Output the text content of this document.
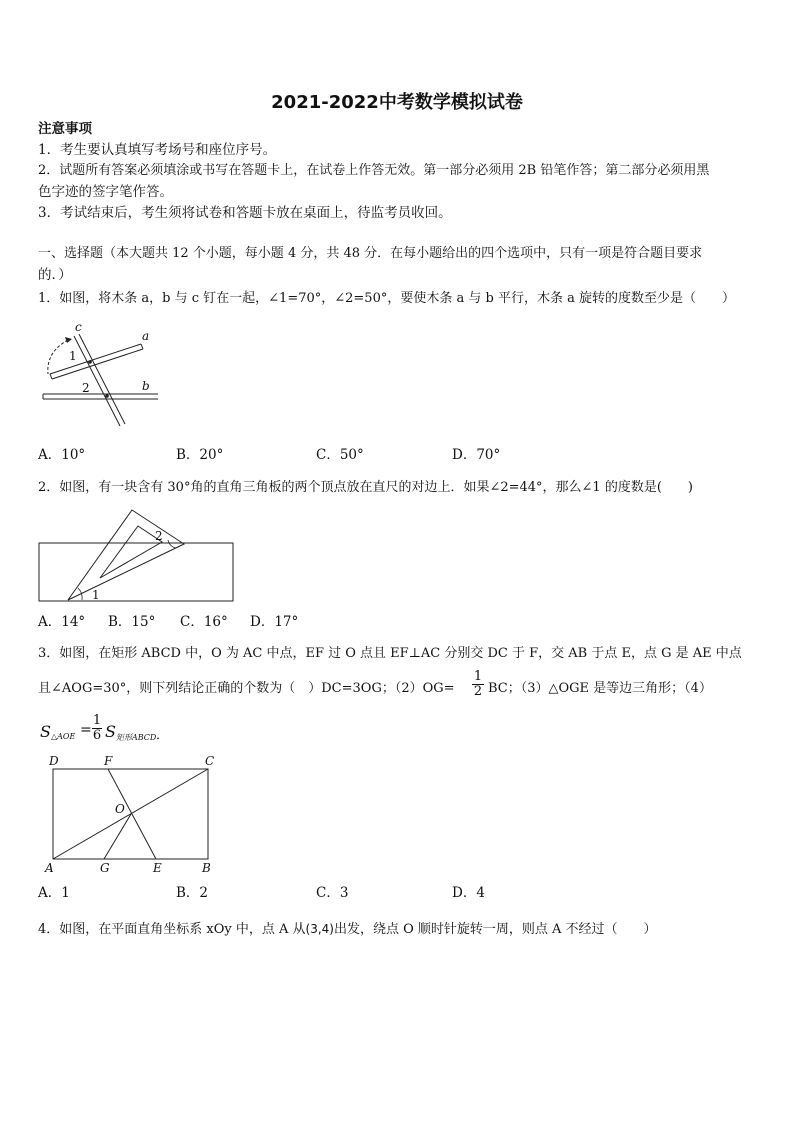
2021-2022中考数学模拟试卷
注意事项
1．考生要认真填写考场号和座位序号。
2．试题所有答案必须填涂或书写在答题卡上，在试卷上作答无效。第一部分必须用 2B 铅笔作答；第二部分必须用黑
色字迹的签字笔作答。
3．考试结束后，考生须将试卷和答题卡放在桌面上，待监考员收回。
一、选择题（本大题共 12 个小题，每小题 4 分，共 48 分．在每小题给出的四个选项中，只有一项是符合题目要求
的．）
1．如图，将木条 a，b 与 c 钉在一起，∠1=70°，∠2=50°，要使木条 a 与 b 平行，木条 a 旋转的度数至少是（　　）
c
a
b
1
2
A．10°	B．20°	C．50°	D．70°
2．如图，有一块含有 30°角的直角三角板的两个顶点放在直尺的对边上．如果∠2=44°，那么∠1 的度数是(　　)
1
2
A．14° B．15° C．16° D．17°
3．如图，在矩形 ABCD 中，O 为 AC 中点，EF 过 O 点且 EF⊥AC 分别交 DC 于 F，交 AB 于点 E，点 G 是 AE 中点
且∠AOG=30°，则下列结论正确的个数为（　）DC=3OG；$(2)OG= \frac{1}{2}$ BC；（3）△OGE 是等边三角形；（4）
S △AOE = $\frac{1}{6}$ S 矩形ABCD ．
D	F	C
O
A	G	E	B
A．1	B．2	C．3	D．4
4．如图，在平面直角坐标系 xOy 中，点 A 从(3,4)出发，绕点 O 顺时针旋转一周，则点 A 不经过（　　）
